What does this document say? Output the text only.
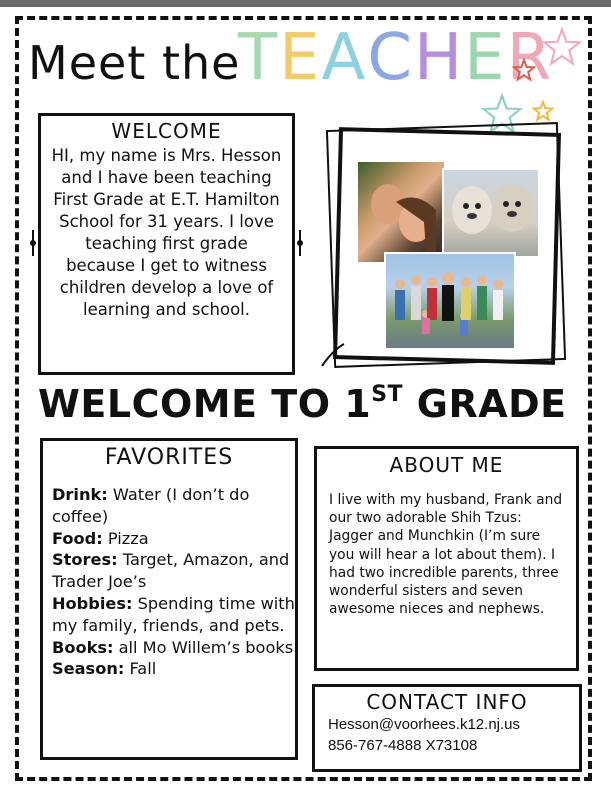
Meet the
TEACHER
WELCOME
HI, my name is Mrs. Hesson and I have been teaching First Grade at E.T. Hamilton School for 31 years. I love teaching first grade because I get to witness children develop a love of learning and school.
WELCOME TO 1ST GRADE
FAVORITES
Drink: Water (I don’t do coffee)
Food: Pizza
Stores: Target, Amazon, and Trader Joe’s
Hobbies: Spending time with my family, friends, and pets.
Books: all Mo Willem’s books
Season: Fall
ABOUT ME
I live with my husband, Frank and our two adorable Shih Tzus: Jagger and Munchkin (I’m sure you will hear a lot about them). I had two incredible parents, three wonderful sisters and seven awesome nieces and nephews.
CONTACT INFO
Hesson@voorhees.k12.nj.us
856-767-4888 X73108
